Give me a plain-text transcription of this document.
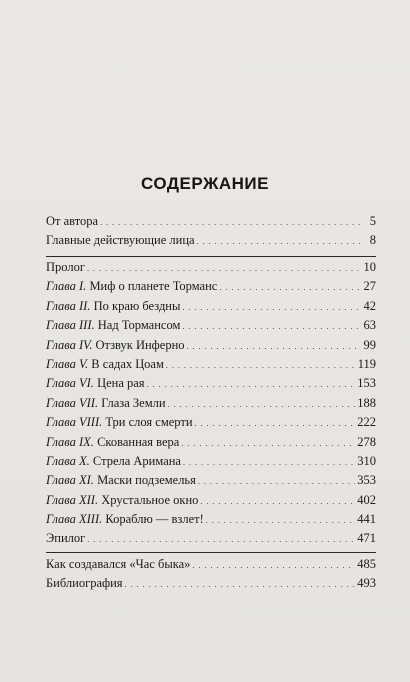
СОДЕРЖАНИЕ
От автора . . .	5
Главные действующие лица . . .	8
Пролог . . .	10
Глава I. Миф о планете Торманс . . .	27
Глава II. По краю бездны . . .	42
Глава III. Над Тормансом . . .	63
Глава IV. Отзвук Инферно . . .	99
Глава V. В садах Цоам . . .	119
Глава VI. Цена рая . . .	153
Глава VII. Глаза Земли . . .	188
Глава VIII. Три слоя смерти . . .	222
Глава IX. Скованная вера . . .	278
Глава X. Стрела Аримана . . .	310
Глава XI. Маски подземелья . . .	353
Глава XII. Хрустальное окно . . .	402
Глава XIII. Кораблю — взлет! . . .	441
Эпилог . . .	471
Как создавался «Час быка» . . .	485
Библиография . . .	493
